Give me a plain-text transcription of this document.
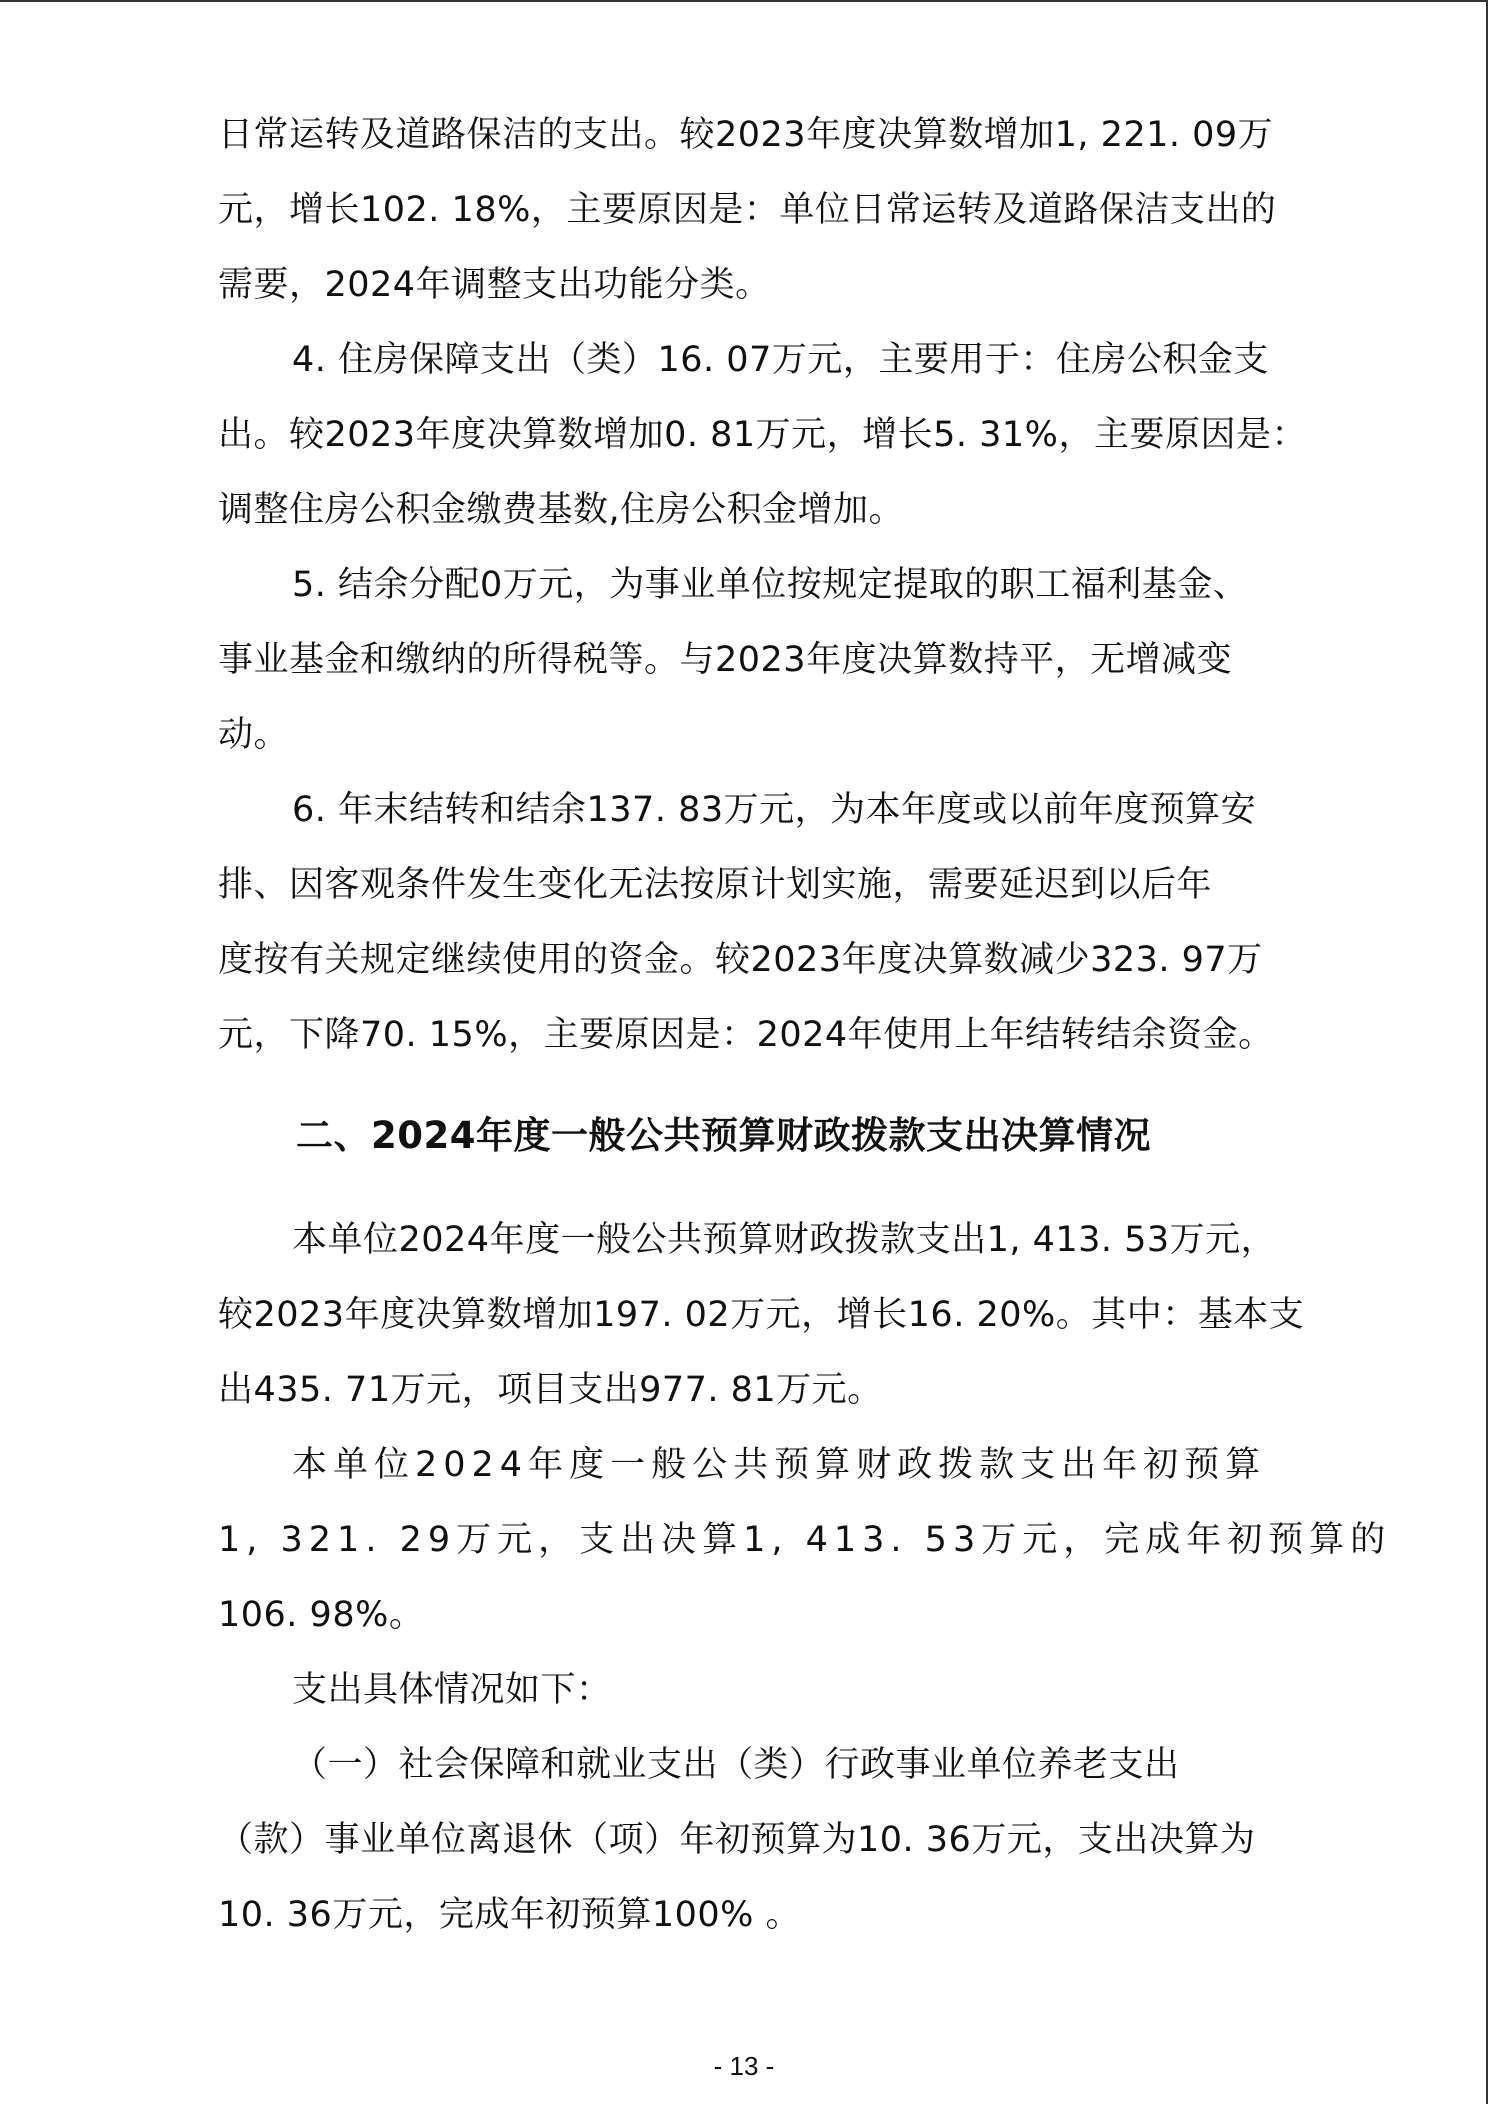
日常运转及道路保洁的支出。较2023年度决算数增加1, 221. 09万
元，增长102. 18%，主要原因是：单位日常运转及道路保洁支出的
需要，2024年调整支出功能分类。

4. 住房保障支出（类）16. 07万元，主要用于：住房公积金支
出。较2023年度决算数增加0. 81万元，增长5. 31%，主要原因是：
调整住房公积金缴费基数,住房公积金增加。

5. 结余分配0万元，为事业单位按规定提取的职工福利基金、
事业基金和缴纳的所得税等。与2023年度决算数持平，无增减变
动。

6. 年末结转和结余137. 83万元，为本年度或以前年度预算安
排、因客观条件发生变化无法按原计划实施，需要延迟到以后年
度按有关规定继续使用的资金。较2023年度决算数减少323. 97万
元，下降70. 15%，主要原因是：2024年使用上年结转结余资金。

二、2024年度一般公共预算财政拨款支出决算情况

本单位2024年度一般公共预算财政拨款支出1, 413. 53万元，
较2023年度决算数增加197. 02万元，增长16. 20%。其中：基本支
出435. 71万元，项目支出977. 81万元。

本单位2024年度一般公共预算财政拨款支出年初预算
1, 321. 29万元，支出决算1, 413. 53万元，完成年初预算的
106. 98%。

支出具体情况如下：

（一）社会保障和就业支出（类）行政事业单位养老支出
（款）事业单位离退休（项）年初预算为10. 36万元，支出决算为
10. 36万元，完成年初预算100% 。

- 13 -
